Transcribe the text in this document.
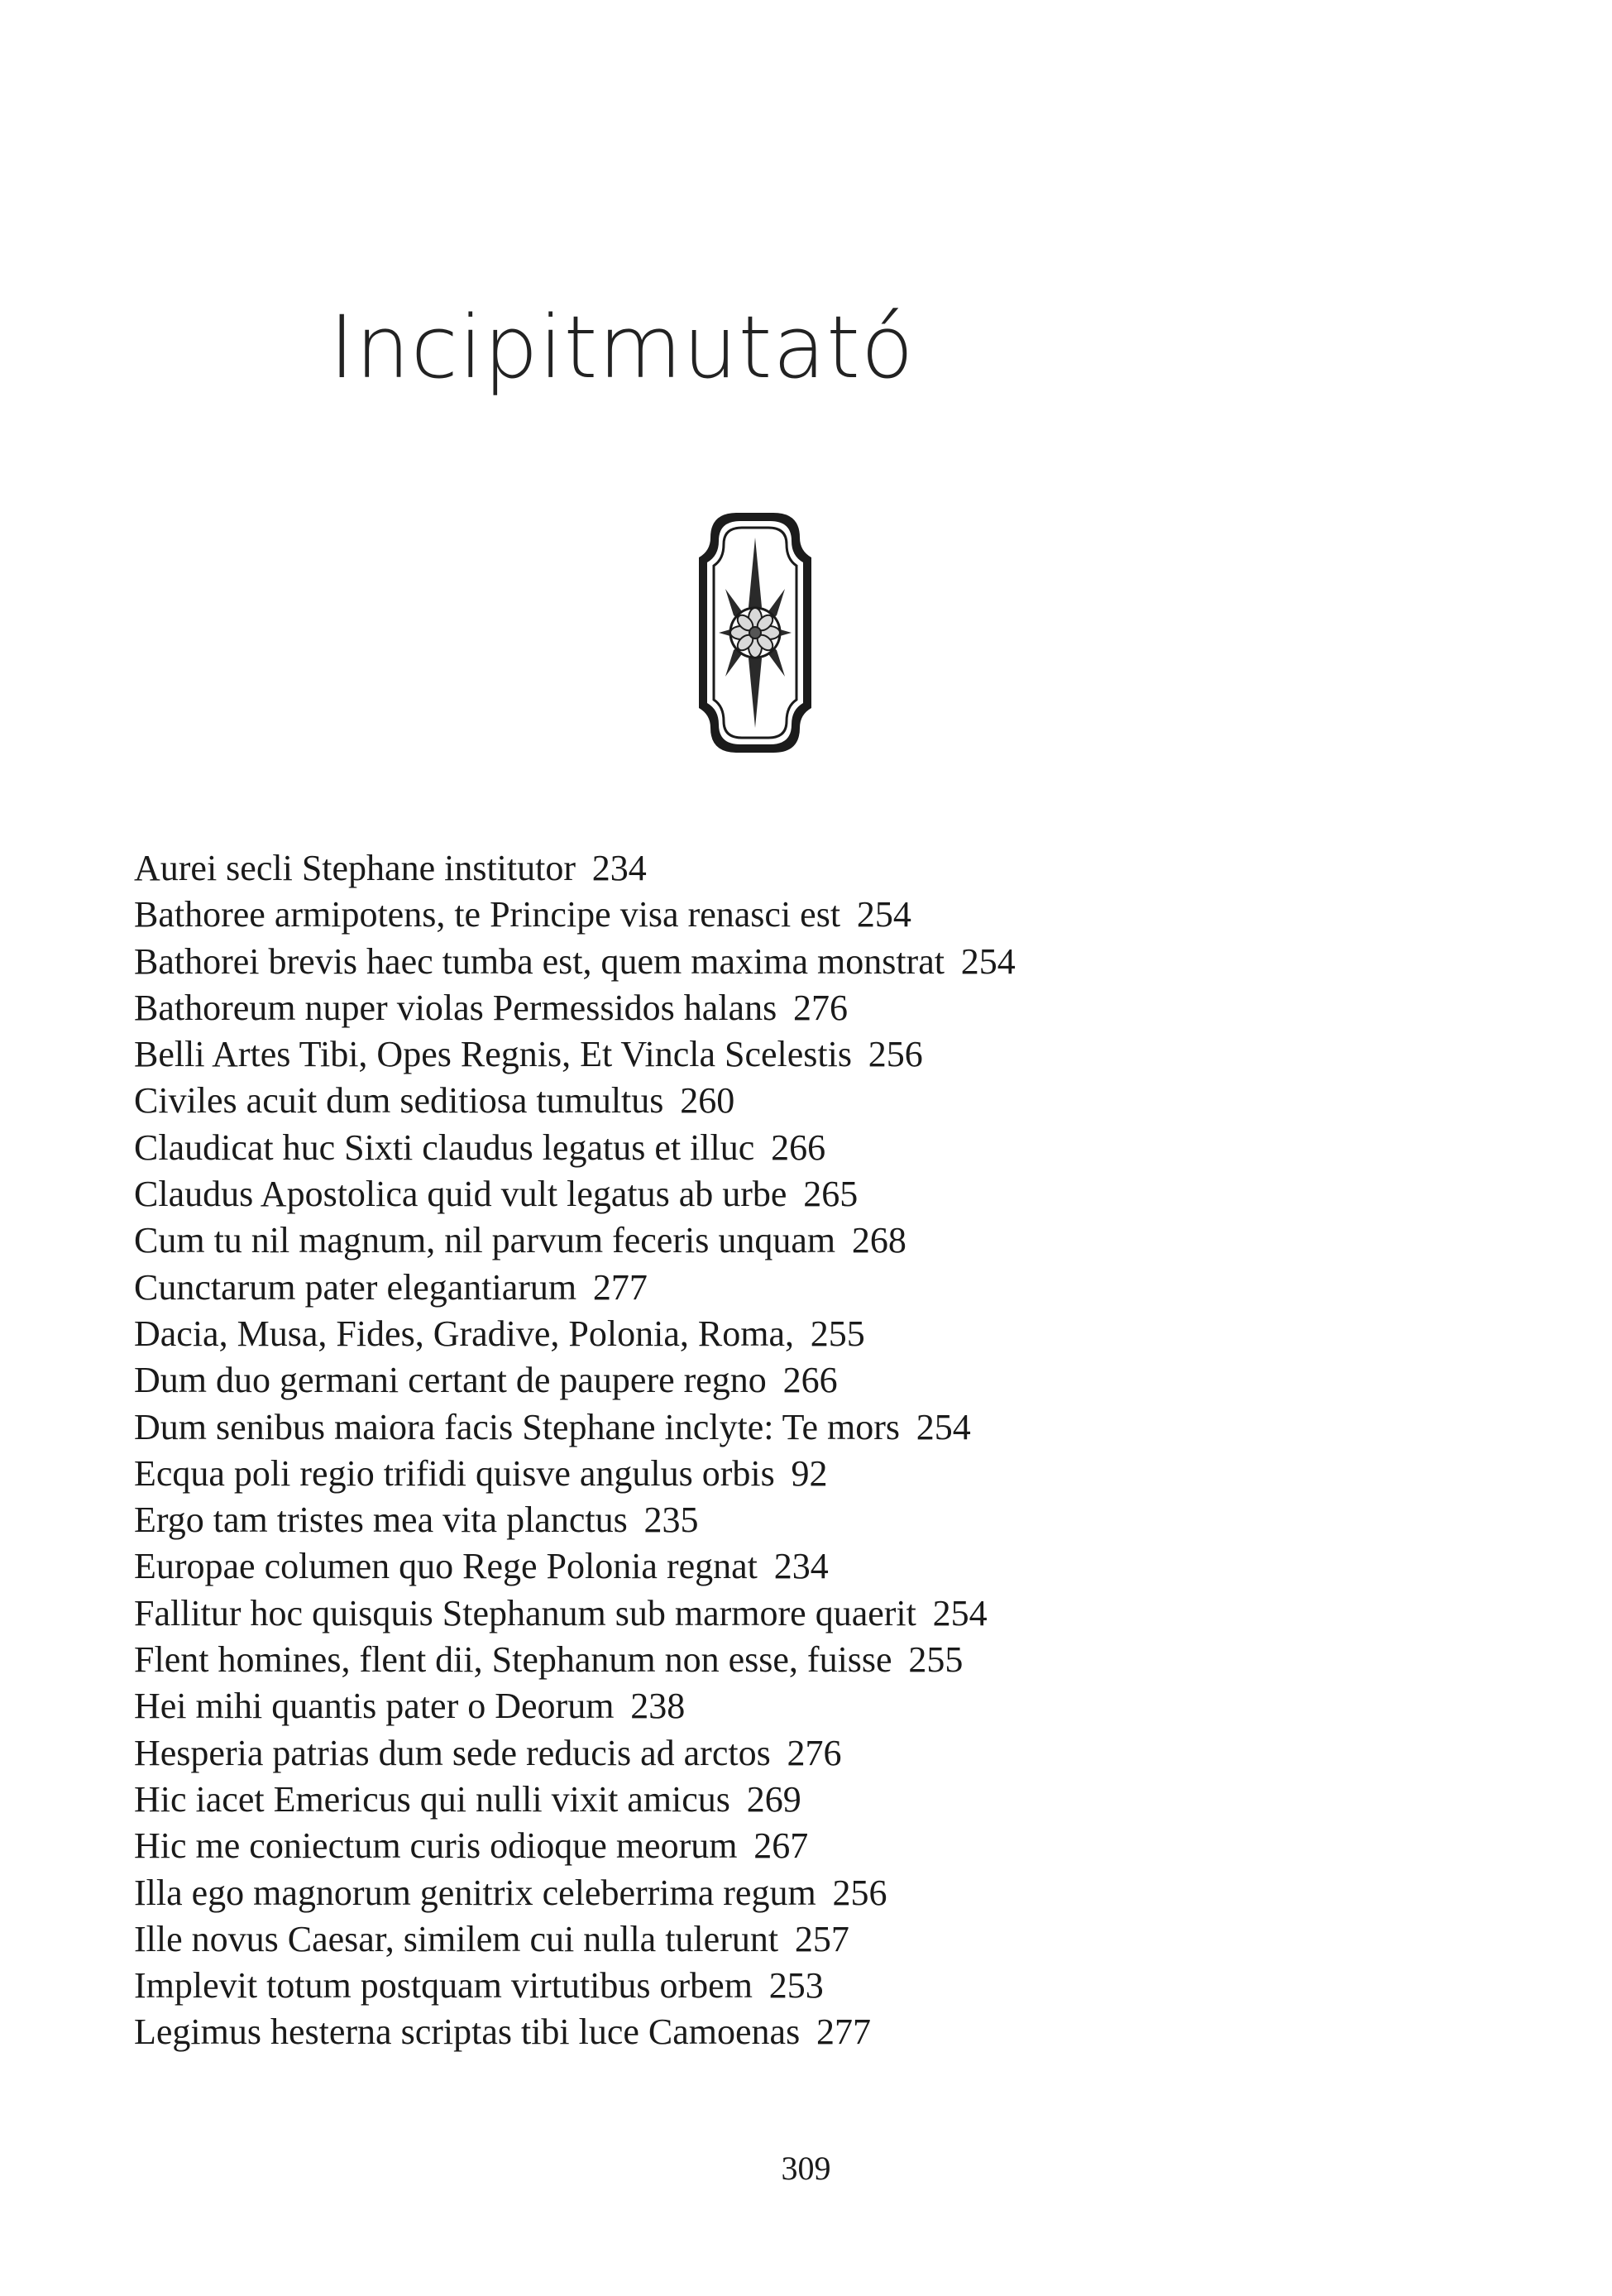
Incipitmutató
Aurei secli Stephane institutor 234
Bathoree armipotens, te Principe visa renasci est 254
Bathorei brevis haec tumba est, quem maxima monstrat 254
Bathoreum nuper violas Permessidos halans 276
Belli Artes Tibi, Opes Regnis, Et Vincla Scelestis 256
Civiles acuit dum seditiosa tumultus 260
Claudicat huc Sixti claudus legatus et illuc 266
Claudus Apostolica quid vult legatus ab urbe 265
Cum tu nil magnum, nil parvum feceris unquam 268
Cunctarum pater elegantiarum 277
Dacia, Musa, Fides, Gradive, Polonia, Roma, 255
Dum duo germani certant de paupere regno 266
Dum senibus maiora facis Stephane inclyte: Te mors 254
Ecqua poli regio trifidi quisve angulus orbis 92
Ergo tam tristes mea vita planctus 235
Europae columen quo Rege Polonia regnat 234
Fallitur hoc quisquis Stephanum sub marmore quaerit 254
Flent homines, flent dii, Stephanum non esse, fuisse 255
Hei mihi quantis pater o Deorum 238
Hesperia patrias dum sede reducis ad arctos 276
Hic iacet Emericus qui nulli vixit amicus 269
Hic me coniectum curis odioque meorum 267
Illa ego magnorum genitrix celeberrima regum 256
Ille novus Caesar, similem cui nulla tulerunt 257
Implevit totum postquam virtutibus orbem 253
Legimus hesterna scriptas tibi luce Camoenas 277
309
